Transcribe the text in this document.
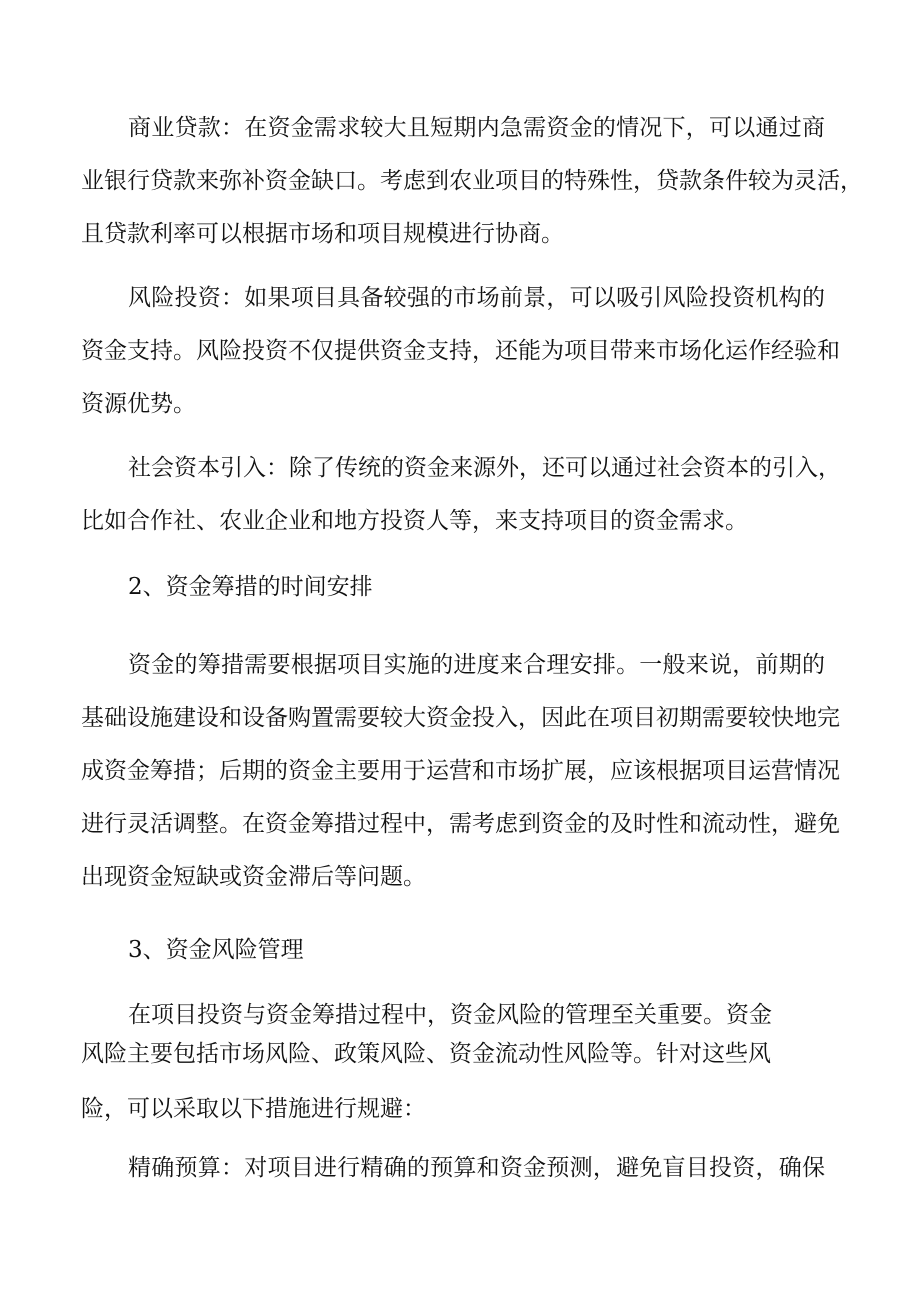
商业贷款：在资金需求较大且短期内急需资金的情况下，可以通过商
业银行贷款来弥补资金缺口。考虑到农业项目的特殊性，贷款条件较为灵活，
且贷款利率可以根据市场和项目规模进行协商。
风险投资：如果项目具备较强的市场前景，可以吸引风险投资机构的
资金支持。风险投资不仅提供资金支持，还能为项目带来市场化运作经验和
资源优势。
社会资本引入：除了传统的资金来源外，还可以通过社会资本的引入，
比如合作社、农业企业和地方投资人等，来支持项目的资金需求。
2、资金筹措的时间安排
资金的筹措需要根据项目实施的进度来合理安排。一般来说，前期的
基础设施建设和设备购置需要较大资金投入，因此在项目初期需要较快地完
成资金筹措；后期的资金主要用于运营和市场扩展，应该根据项目运营情况
进行灵活调整。在资金筹措过程中，需考虑到资金的及时性和流动性，避免
出现资金短缺或资金滞后等问题。
3、资金风险管理
在项目投资与资金筹措过程中，资金风险的管理至关重要。资金
风险主要包括市场风险、政策风险、资金流动性风险等。针对这些风
险，可以采取以下措施进行规避：
精确预算：对项目进行精确的预算和资金预测，避免盲目投资，确保
